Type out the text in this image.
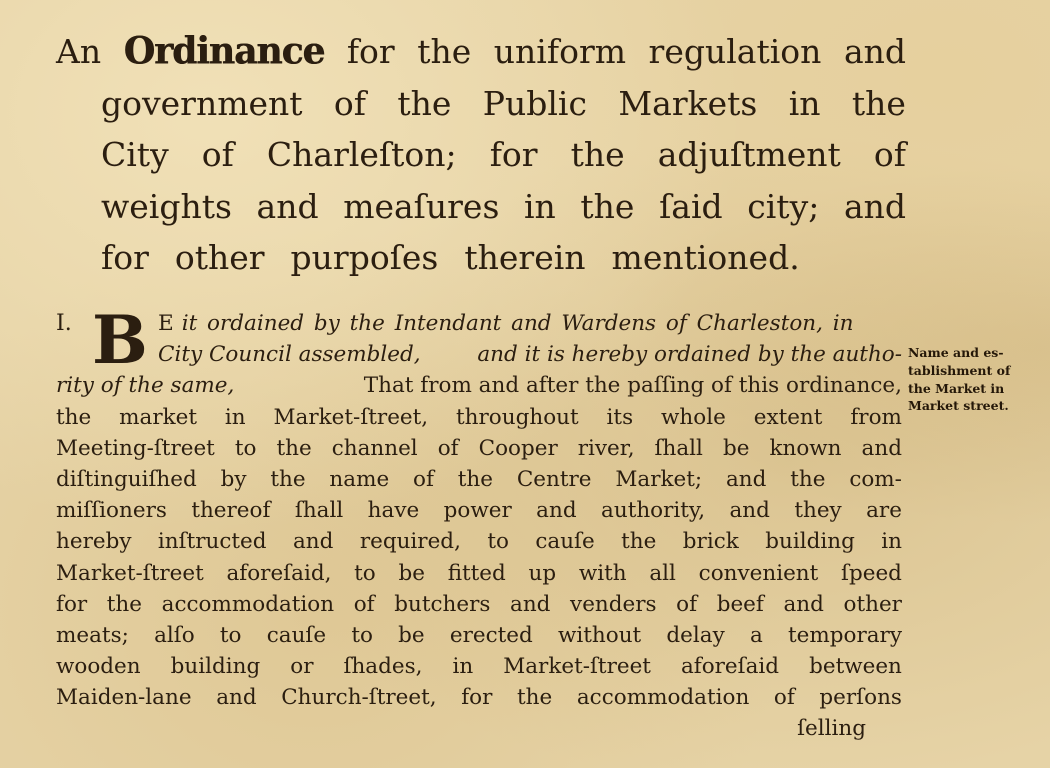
An Ordinance for the uniform regulation and
government of the Public Markets in the
City of Charleſton; for the adjuſtment of
weights and meaſures in the ſaid city; and
for other purpoſes therein mentioned.
I. B E it ordained by the Intendant and Wardens of Charleston, in
City Council assembled,	and it is hereby ordained by the autho-
rity of the same,	That from and after the paſſing of this ordinance,
the market in Market-ſtreet, throughout its whole extent from
Meeting-ſtreet to the channel of Cooper river, ſhall be known and
diſtinguiſhed by the name of the Centre Market; and the com-
miſſioners thereof ſhall have power and authority, and they are
hereby inſtructed and required, to cauſe the brick building in
Market-ſtreet aforeſaid, to be fitted up with all convenient ſpeed
for the accommodation of butchers and venders of beef and other
meats; alſo to cauſe to be erected without delay a temporary
wooden building or ſhades, in Market-ſtreet aforeſaid between
Maiden-lane and Church-ſtreet, for the accommodation of perſons
ſelling
Name and es-
tablishment of
the Market in
Market street.
